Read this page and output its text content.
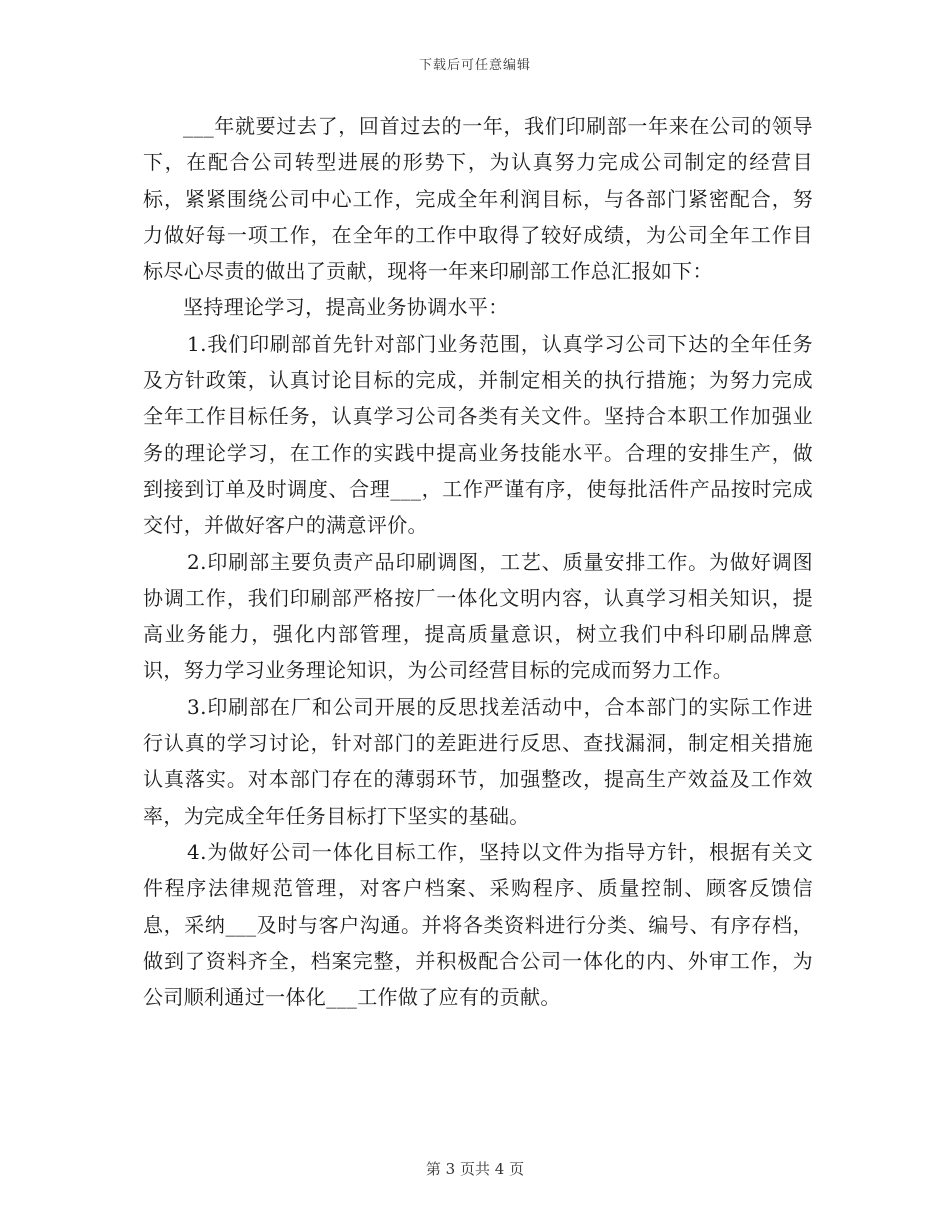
下载后可任意编辑

___年就要过去了，回首过去的一年，我们印刷部一年来在公司的领导下，在配合公司转型进展的形势下，为认真努力完成公司制定的经营目标，紧紧围绕公司中心工作，完成全年利润目标，与各部门紧密配合，努力做好每一项工作，在全年的工作中取得了较好成绩，为公司全年工作目标尽心尽责的做出了贡献，现将一年来印刷部工作总汇报如下：

坚持理论学习，提高业务协调水平：

1.我们印刷部首先针对部门业务范围，认真学习公司下达的全年任务及方针政策，认真讨论目标的完成，并制定相关的执行措施；为努力完成全年工作目标任务，认真学习公司各类有关文件。坚持合本职工作加强业务的理论学习，在工作的实践中提高业务技能水平。合理的安排生产，做到接到订单及时调度、合理___，工作严谨有序，使每批活件产品按时完成交付，并做好客户的满意评价。

2.印刷部主要负责产品印刷调图，工艺、质量安排工作。为做好调图协调工作，我们印刷部严格按厂一体化文明内容，认真学习相关知识，提高业务能力，强化内部管理，提高质量意识，树立我们中科印刷品牌意识，努力学习业务理论知识，为公司经营目标的完成而努力工作。

3.印刷部在厂和公司开展的反思找差活动中，合本部门的实际工作进行认真的学习讨论，针对部门的差距进行反思、查找漏洞，制定相关措施认真落实。对本部门存在的薄弱环节，加强整改，提高生产效益及工作效率，为完成全年任务目标打下坚实的基础。

4.为做好公司一体化目标工作，坚持以文件为指导方针，根据有关文件程序法律规范管理，对客户档案、采购程序、质量控制、顾客反馈信息，采纳___及时与客户沟通。并将各类资料进行分类、编号、有序存档，做到了资料齐全，档案完整，并积极配合公司一体化的内、外审工作，为公司顺利通过一体化___工作做了应有的贡献。

第 3 页共 4 页
